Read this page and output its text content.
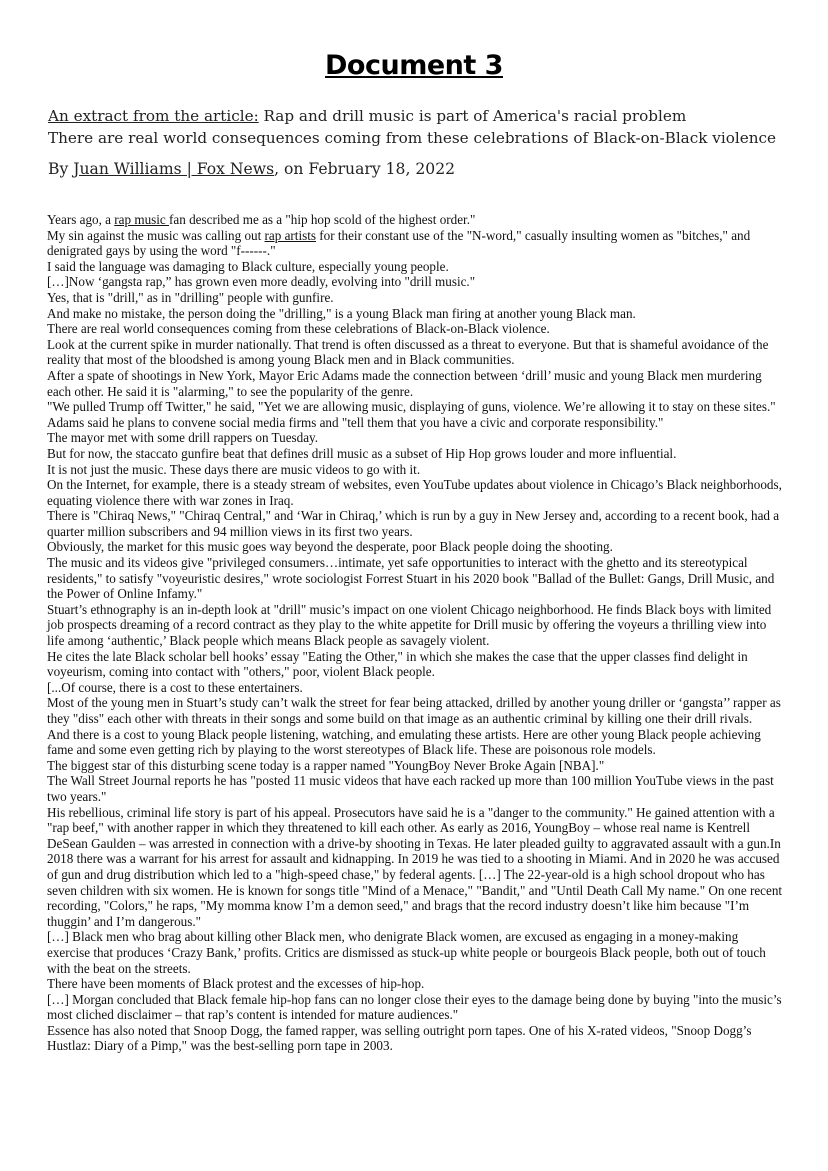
Document 3
An extract from the article: Rap and drill music is part of America's racial problem
There are real world consequences coming from these celebrations of Black-on-Black violence
By Juan Williams | Fox News, on February 18, 2022

Years ago, a rap music fan described me as a "hip hop scold of the highest order."

My sin against the music was calling out rap artists for their constant use of the "N-word," casually insulting women as "bitches," and denigrated gays by using the word "f------."

I said the language was damaging to Black culture, especially young people.

[…]Now ‘gangsta rap,” has grown even more deadly, evolving into "drill music."

Yes, that is "drill," as in "drilling" people with gunfire.

And make no mistake, the person doing the "drilling," is a young Black man firing at another young Black man.

There are real world consequences coming from these celebrations of Black-on-Black violence.

Look at the current spike in murder nationally. That trend is often discussed as a threat to everyone. But that is shameful avoidance of the reality that most of the bloodshed is among young Black men and in Black communities.

After a spate of shootings in New York, Mayor Eric Adams made the connection between ‘drill’ music and young Black men murdering each other. He said it is "alarming," to see the popularity of the genre.

"We pulled Trump off Twitter," he said, "Yet we are allowing music, displaying of guns, violence. We’re allowing it to stay on these sites." Adams said he plans to convene social media firms and "tell them that you have a civic and corporate responsibility."

The mayor met with some drill rappers on Tuesday.

But for now, the staccato gunfire beat that defines drill music as a subset of Hip Hop grows louder and more influential.

It is not just the music. These days there are music videos to go with it.

On the Internet, for example, there is a steady stream of websites, even YouTube updates about violence in Chicago’s Black neighborhoods, equating violence there with war zones in Iraq.

There is "Chiraq News," "Chiraq Central," and ‘War in Chiraq,’ which is run by a guy in New Jersey and, according to a recent book, had a quarter million subscribers and 94 million views in its first two years.

Obviously, the market for this music goes way beyond the desperate, poor Black people doing the shooting.

The music and its videos give "privileged consumers…intimate, yet safe opportunities to interact with the ghetto and its stereotypical residents," to satisfy "voyeuristic desires," wrote sociologist Forrest Stuart in his 2020 book "Ballad of the Bullet: Gangs, Drill Music, and the Power of Online Infamy."

Stuart’s ethnography is an in-depth look at "drill" music’s impact on one violent Chicago neighborhood. He finds Black boys with limited job prospects dreaming of a record contract as they play to the white appetite for Drill music by offering the voyeurs a thrilling view into life among ‘authentic,’ Black people which means Black people as savagely violent.

He cites the late Black scholar bell hooks’ essay "Eating the Other," in which she makes the case that the upper classes find delight in voyeurism, coming into contact with "others," poor, violent Black people.

[...Of course, there is a cost to these entertainers.

Most of the young men in Stuart’s study can’t walk the street for fear being attacked, drilled by another young driller or ‘gangsta’’ rapper as they "diss" each other with threats in their songs and some build on that image as an authentic criminal by killing one their drill rivals.

And there is a cost to young Black people listening, watching, and emulating these artists. Here are other young Black people achieving fame and some even getting rich by playing to the worst stereotypes of Black life. These are poisonous role models.

The biggest star of this disturbing scene today is a rapper named "YoungBoy Never Broke Again [NBA]."

The Wall Street Journal reports he has "posted 11 music videos that have each racked up more than 100 million YouTube views in the past two years."

His rebellious, criminal life story is part of his appeal. Prosecutors have said he is a "danger to the community." He gained attention with a "rap beef," with another rapper in which they threatened to kill each other. As early as 2016, YoungBoy – whose real name is Kentrell DeSean Gaulden – was arrested in connection with a drive-by shooting in Texas. He later pleaded guilty to aggravated assault with a gun.In 2018 there was a warrant for his arrest for assault and kidnapping. In 2019 he was tied to a shooting in Miami. And in 2020 he was accused of gun and drug distribution which led to a "high-speed chase," by federal agents. […] The 22-year-old is a high school dropout who has seven children with six women. He is known for songs title "Mind of a Menace," "Bandit," and "Until Death Call My name." On one recent recording, "Colors," he raps, "My momma know I’m a demon seed," and brags that the record industry doesn’t like him because "I’m thuggin’ and I’m dangerous."

[…] Black men who brag about killing other Black men, who denigrate Black women, are excused as engaging in a money-making exercise that produces ‘Crazy Bank,’ profits. Critics are dismissed as stuck-up white people or bourgeois Black people, both out of touch with the beat on the streets.

There have been moments of Black protest and the excesses of hip-hop.

[…] Morgan concluded that Black female hip-hop fans can no longer close their eyes to the damage being done by buying "into the music’s most cliched disclaimer – that rap’s content is intended for mature audiences."

Essence has also noted that Snoop Dogg, the famed rapper, was selling outright porn tapes. One of his X-rated videos, "Snoop Dogg’s Hustlaz: Diary of a Pimp," was the best-selling porn tape in 2003.
